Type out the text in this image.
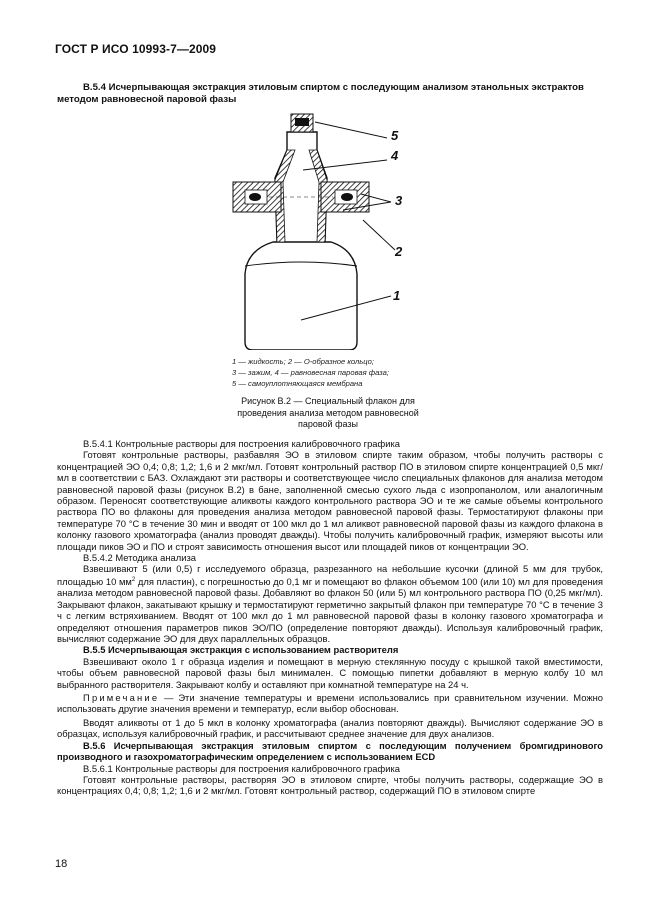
ГОСТ Р ИСО 10993-7—2009
В.5.4 Исчерпывающая экстракция этиловым спиртом с последующим анализом этанольных экстрактов методом равновесной паровой фазы
5
4
3
2
1
1 — жидкость; 2 — О-образное кольцо;
3 — зажим, 4 — равновесная паровая фаза;
5 — самоуплотняющаяся мембрана
Рисунок В.2 — Специальный флакон для проведения анализа методом равновесной паровой фазы

В.5.4.1 Контрольные растворы для построения калибровочного графика

Готовят контрольные растворы, разбавляя ЭО в этиловом спирте таким образом, чтобы получить растворы с концентрацией ЭО 0,4; 0,8; 1,2; 1,6 и 2 мкг/мл. Готовят контрольный раствор ПО в этиловом спирте концентрацией 0,5 мкг/мл в соответствии с БАЗ. Охлаждают эти растворы и соответствующее число специальных флаконов для анализа методом равновесной паровой фазы (рисунок В.2) в бане, заполненной смесью сухого льда с изопропанолом, или аналогичным образом. Переносят соответствующие аликвоты каждого контрольного раствора ЭО и те же самые объемы контрольного раствора ПО во флаконы для проведения анализа методом равновесной паровой фазы. Термостатируют флаконы при температуре 70 °С в течение 30 мин и вводят от 100 мкл до 1 мл аликвот равновесной паровой фазы из каждого флакона в колонку газового хроматографа (анализ проводят дважды). Чтобы получить калибровочный график, измеряют высоты или площади пиков ЭО и ПО и строят зависимость отношения высот или площадей пиков от концентрации ЭО.

В.5.4.2 Методика анализа

Взвешивают 5 (или 0,5) г исследуемого образца, разрезанного на небольшие кусочки (длиной 5 мм для трубок, площадью 10 $мм^2$ для пластин), с погрешностью до 0,1 мг и помещают во флакон объемом 100 (или 10) мл для проведения анализа методом равновесной паровой фазы. Добавляют во флакон 50 (или 5) мл контрольного раствора ПО (0,25 мкг/мл). Закрывают флакон, закатывают крышку и термостатируют герметично закрытый флакон при температуре 70 °С в течение 3 ч с легким встряхиванием. Вводят от 100 мкл до 1 мл равновесной паровой фазы в колонку газового хроматографа и определяют отношения параметров пиков ЭО/ПО (определение повторяют дважды). Используя калибровочный график, вычисляют содержание ЭО для двух параллельных образцов.

В.5.5 Исчерпывающая экстракция с использованием растворителя

Взвешивают около 1 г образца изделия и помещают в мерную стеклянную посуду с крышкой такой вместимости, чтобы объем равновесной паровой фазы был минимален. С помощью пипетки добавляют в мерную колбу 10 мл выбранного растворителя. Закрывают колбу и оставляют при комнатной температуре на 24 ч.

Примечание — Эти значение температуры и времени использовались при сравнительном изучении. Можно использовать другие значения времени и температур, если выбор обоснован.

Вводят аликвоты от 1 до 5 мкл в колонку хроматографа (анализ повторяют дважды). Вычисляют содержание ЭО в образцах, используя калибровочный график, и рассчитывают среднее значение для двух анализов.

В.5.6 Исчерпывающая экстракция этиловым спиртом с последующим получением бромгидринового производного и газохроматографическим определением с использованием ECD

В.5.6.1 Контрольные растворы для построения калибровочного графика

Готовят контрольные растворы, растворяя ЭО в этиловом спирте, чтобы получить растворы, содержащие ЭО в концентрациях 0,4; 0,8; 1,2; 1,6 и 2 мкг/мл. Готовят контрольный раствор, содержащий ПО в этиловом спирте

18
